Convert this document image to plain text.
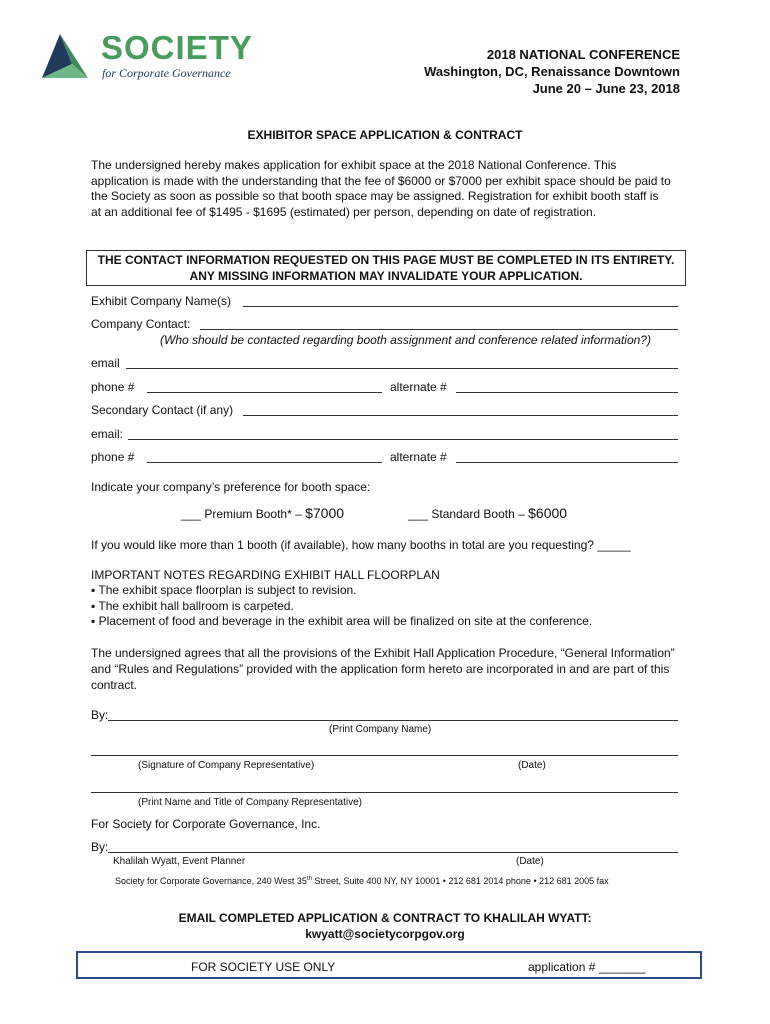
SOCIETY
for Corporate Governance
2018 NATIONAL CONFERENCE
Washington, DC, Renaissance Downtown
June 20 – June 23, 2018
EXHIBITOR SPACE APPLICATION & CONTRACT
The undersigned hereby makes application for exhibit space at the 2018 National Conference. This application is made with the understanding that the fee of $6000 or $7000 per exhibit space should be paid to the Society as soon as possible so that booth space may be assigned. Registration for exhibit booth staff is at an additional fee of $1495 - $1695 (estimated) per person, depending on date of registration.
THE CONTACT INFORMATION REQUESTED ON THIS PAGE MUST BE COMPLETED IN ITS ENTIRETY.
ANY MISSING INFORMATION MAY INVALIDATE YOUR APPLICATION.
Exhibit Company Name(s)
Company Contact:
(Who should be contacted regarding booth assignment and conference related information?)
email
phone #	alternate #
Secondary Contact (if any)
email:
phone #	alternate #
Indicate your company’s preference for booth space:
___ Premium Booth* – $7000	___ Standard Booth – $6000
If you would like more than 1 booth (if available), how many booths in total are you requesting? _____
IMPORTANT NOTES REGARDING EXHIBIT HALL FLOORPLAN
▪ The exhibit space floorplan is subject to revision.
▪ The exhibit hall ballroom is carpeted.
▪ Placement of food and beverage in the exhibit area will be finalized on site at the conference.
The undersigned agrees that all the provisions of the Exhibit Hall Application Procedure, “General Information” and “Rules and Regulations” provided with the application form hereto are incorporated in and are part of this contract.
By:
(Print Company Name)
(Signature of Company Representative)	(Date)
(Print Name and Title of Company Representative)
For Society for Corporate Governance, Inc.
By:
Khalilah Wyatt, Event Planner	(Date)
Society for Corporate Governance, 240 West 35th Street, Suite 400 NY, NY 10001 • 212 681 2014 phone • 212 681 2005 fax
EMAIL COMPLETED APPLICATION & CONTRACT TO KHALILAH WYATT:
kwyatt@societycorpgov.org
FOR SOCIETY USE ONLY	application # _______
